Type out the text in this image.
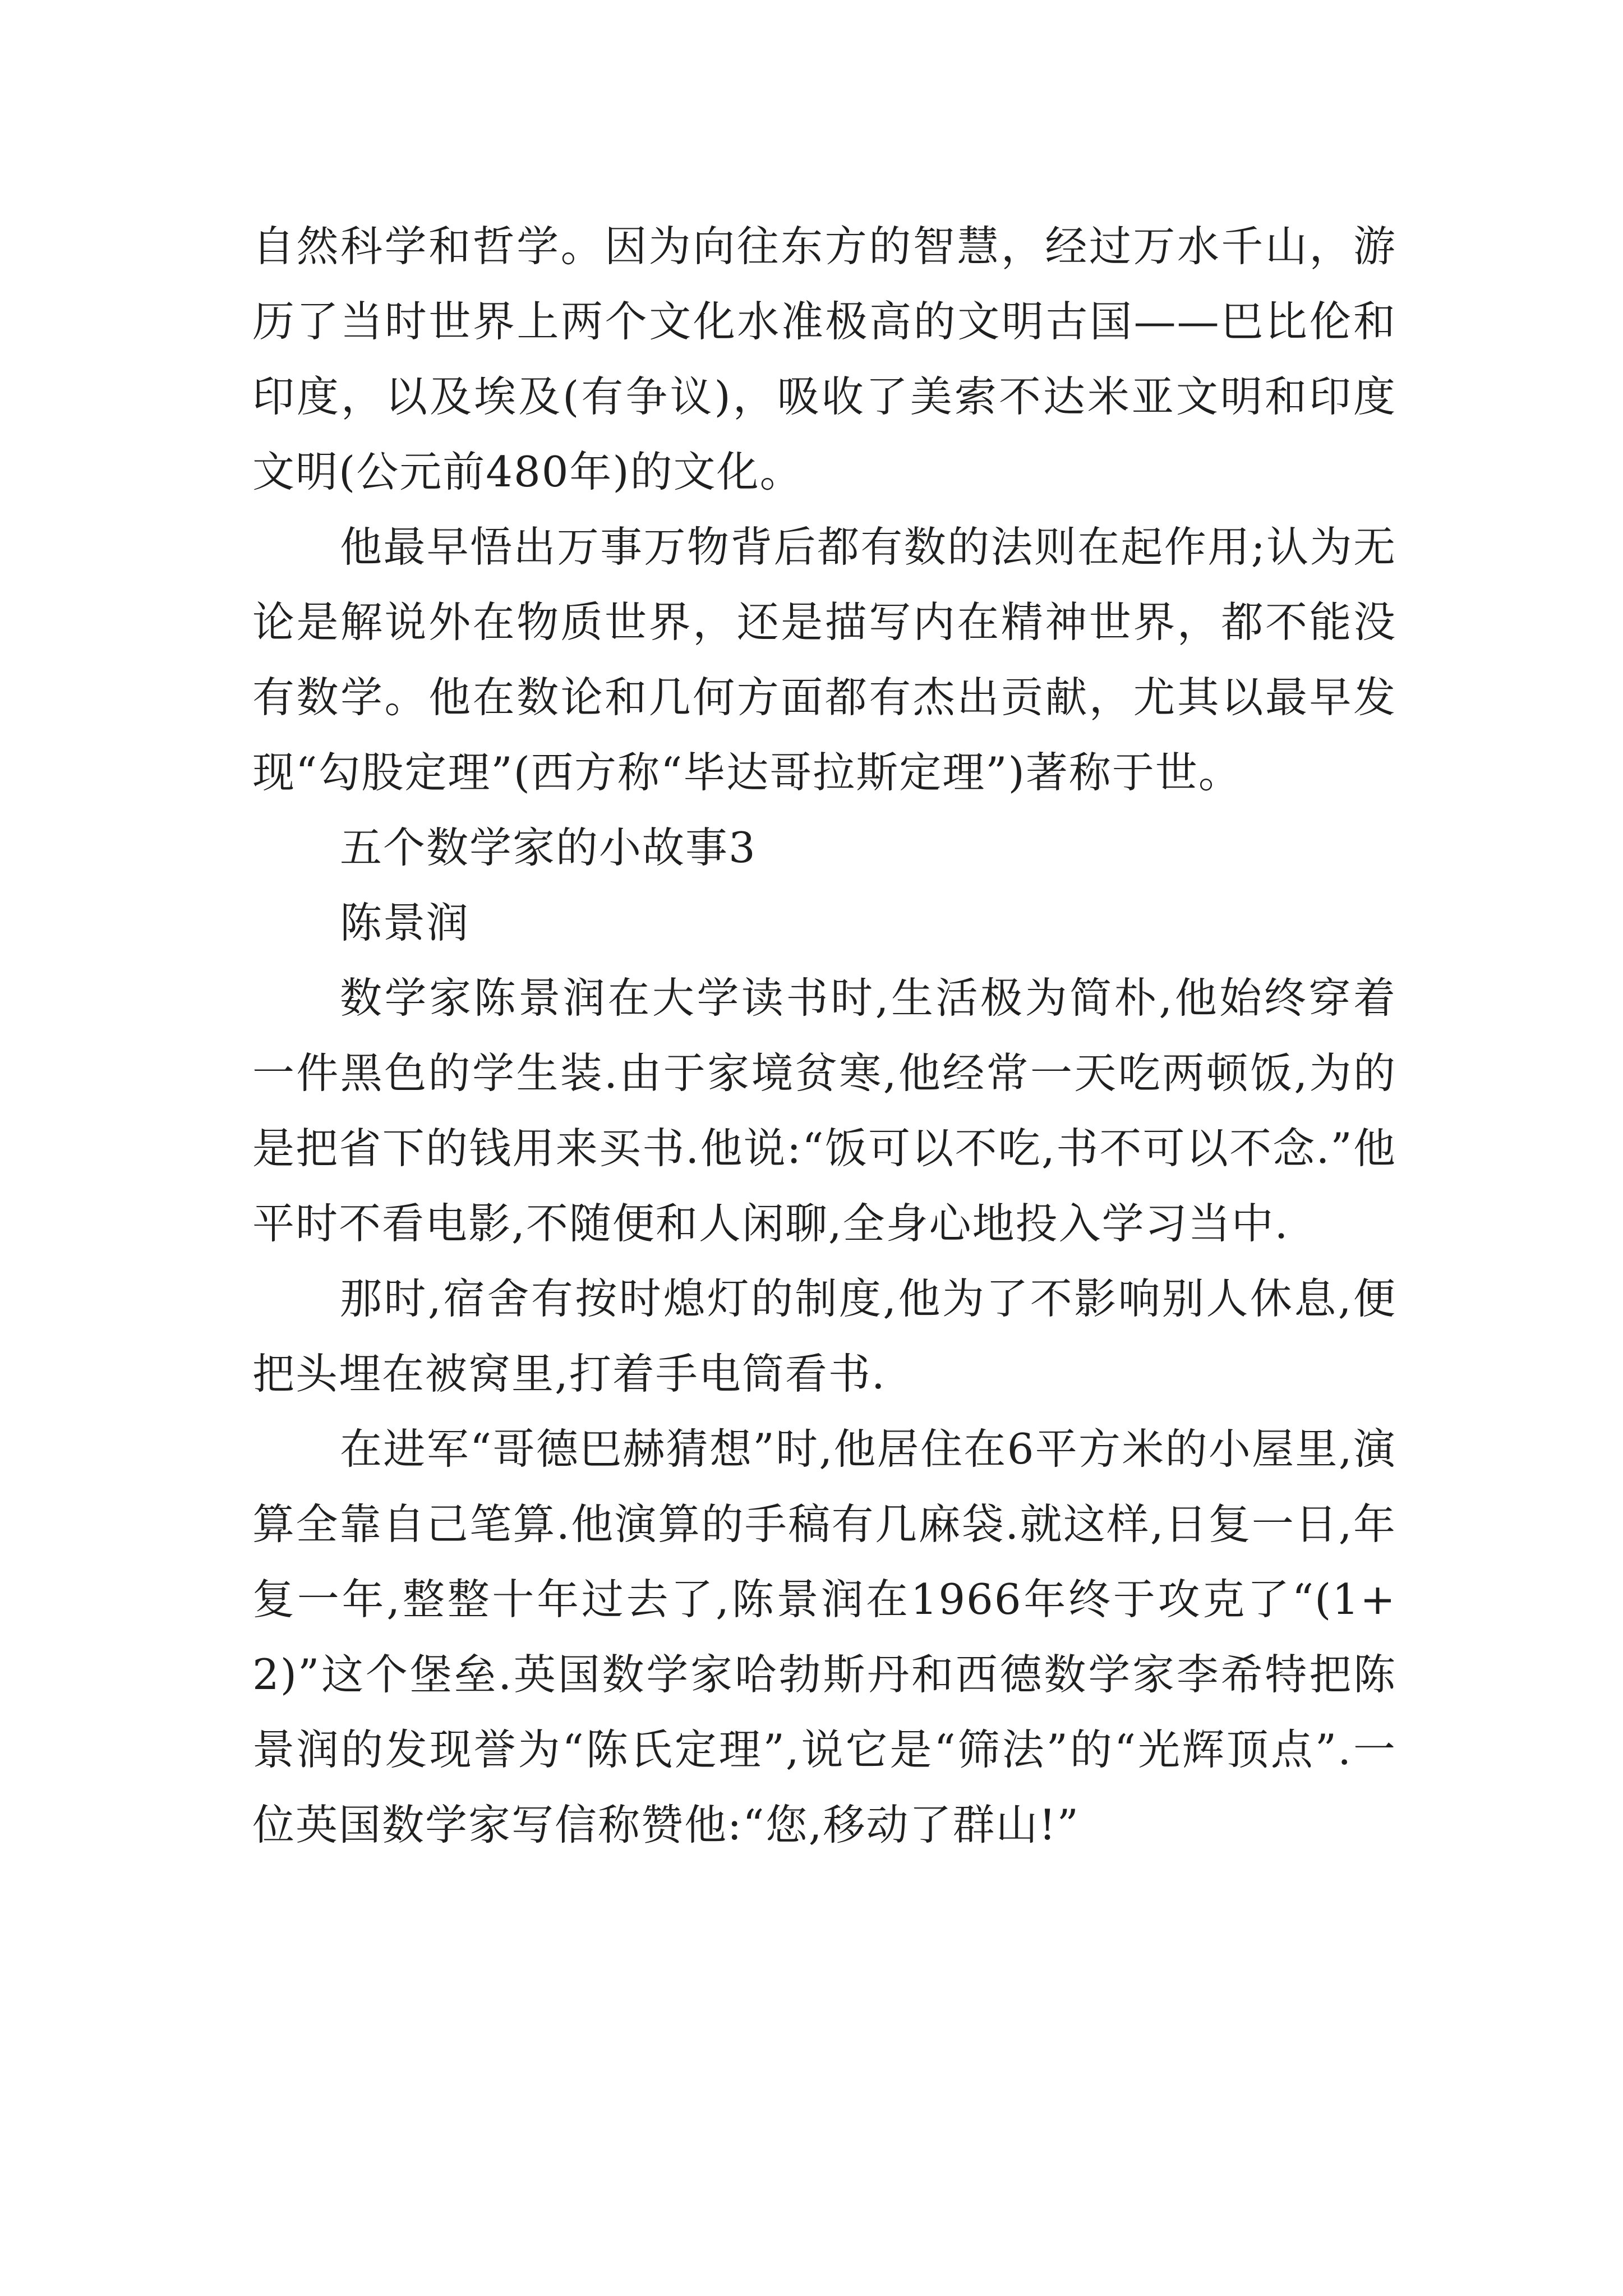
自然科学和哲学。因为向往东方的智慧，经过万水千山，游历了当时世界上两个文化水准极高的文明古国——巴比伦和印度，以及埃及(有争议)，吸收了美索不达米亚文明和印度文明(公元前480年)的文化。

他最早悟出万事万物背后都有数的法则在起作用;认为无论是解说外在物质世界，还是描写内在精神世界，都不能没有数学。他在数论和几何方面都有杰出贡献，尤其以最早发现“勾股定理”(西方称“毕达哥拉斯定理”)著称于世。

五个数学家的小故事3

陈景润

数学家陈景润在大学读书时,生活极为简朴,他始终穿着一件黑色的学生装.由于家境贫寒,他经常一天吃两顿饭,为的是把省下的钱用来买书.他说:“饭可以不吃,书不可以不念.”他平时不看电影,不随便和人闲聊,全身心地投入学习当中.

那时,宿舍有按时熄灯的制度,他为了不影响别人休息,便把头埋在被窝里,打着手电筒看书.

在进军“哥德巴赫猜想”时,他居住在6平方米的小屋里,演算全靠自己笔算.他演算的手稿有几麻袋.就这样,日复一日,年复一年,整整十年过去了,陈景润在1966年终于攻克了“(1+2)”这个堡垒.英国数学家哈勃斯丹和西德数学家李希特把陈景润的发现誉为“陈氏定理”,说它是“筛法”的“光辉顶点”.一位英国数学家写信称赞他:“您,移动了群山!”
